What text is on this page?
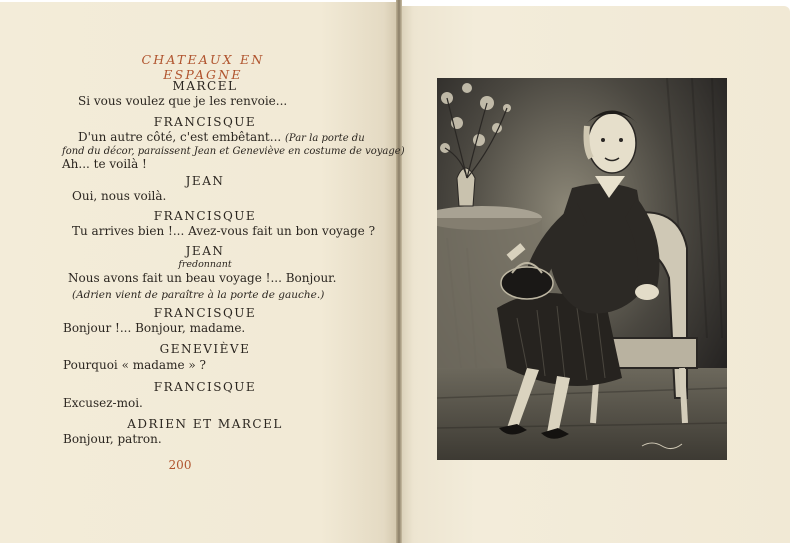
CHATEAUX EN ESPAGNE
MARCEL
Si vous voulez que je les renvoie...
FRANCISQUE
D'un autre côté, c'est embêtant... (Par la porte du
fond du décor, paraissent Jean et Geneviève en costume de voyage)
Ah... te voilà !
JEAN
Oui, nous voilà.
FRANCISQUE
Tu arrives bien !... Avez-vous fait un bon voyage ?
JEAN
fredonnant
Nous avons fait un beau voyage !... Bonjour.
(Adrien vient de paraître à la porte de gauche.)
FRANCISQUE
Bonjour !... Bonjour, madame.
GENEVIÈVE
Pourquoi « madame » ?
FRANCISQUE
Excusez-moi.
ADRIEN ET MARCEL
Bonjour, patron.
200
